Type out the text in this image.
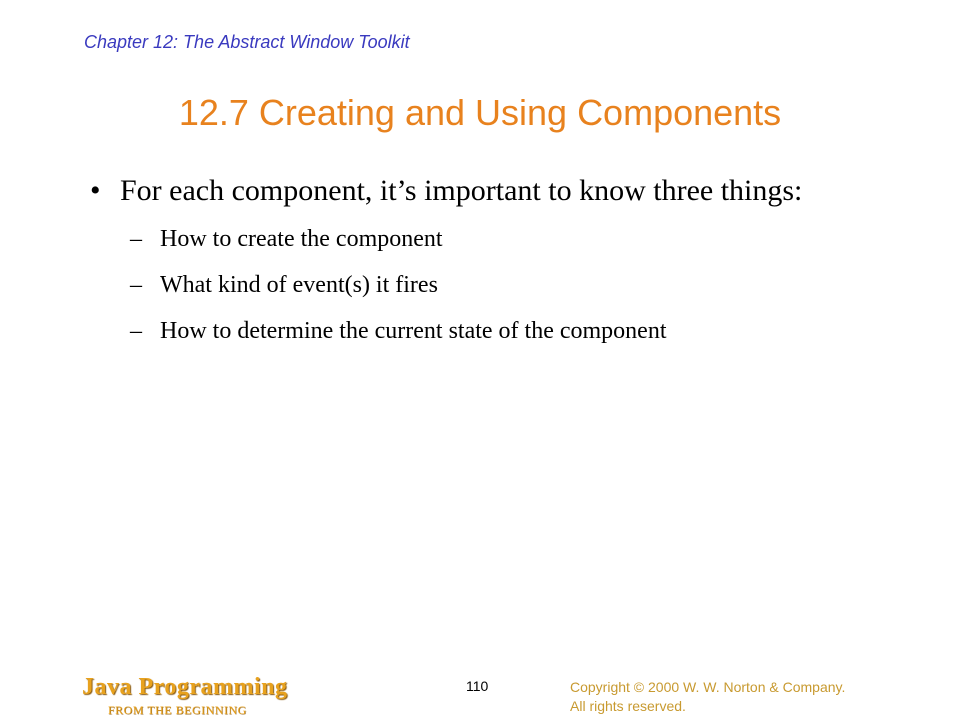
Chapter 12: The Abstract Window Toolkit
12.7 Creating and Using Components
• For each component, it’s important to know three things:
– How to create the component
– What kind of event(s) it fires
– How to determine the current state of the component
Java Programming
FROM THE BEGINNING
110	Copyright © 2000 W. W. Norton & Company.
All rights reserved.
